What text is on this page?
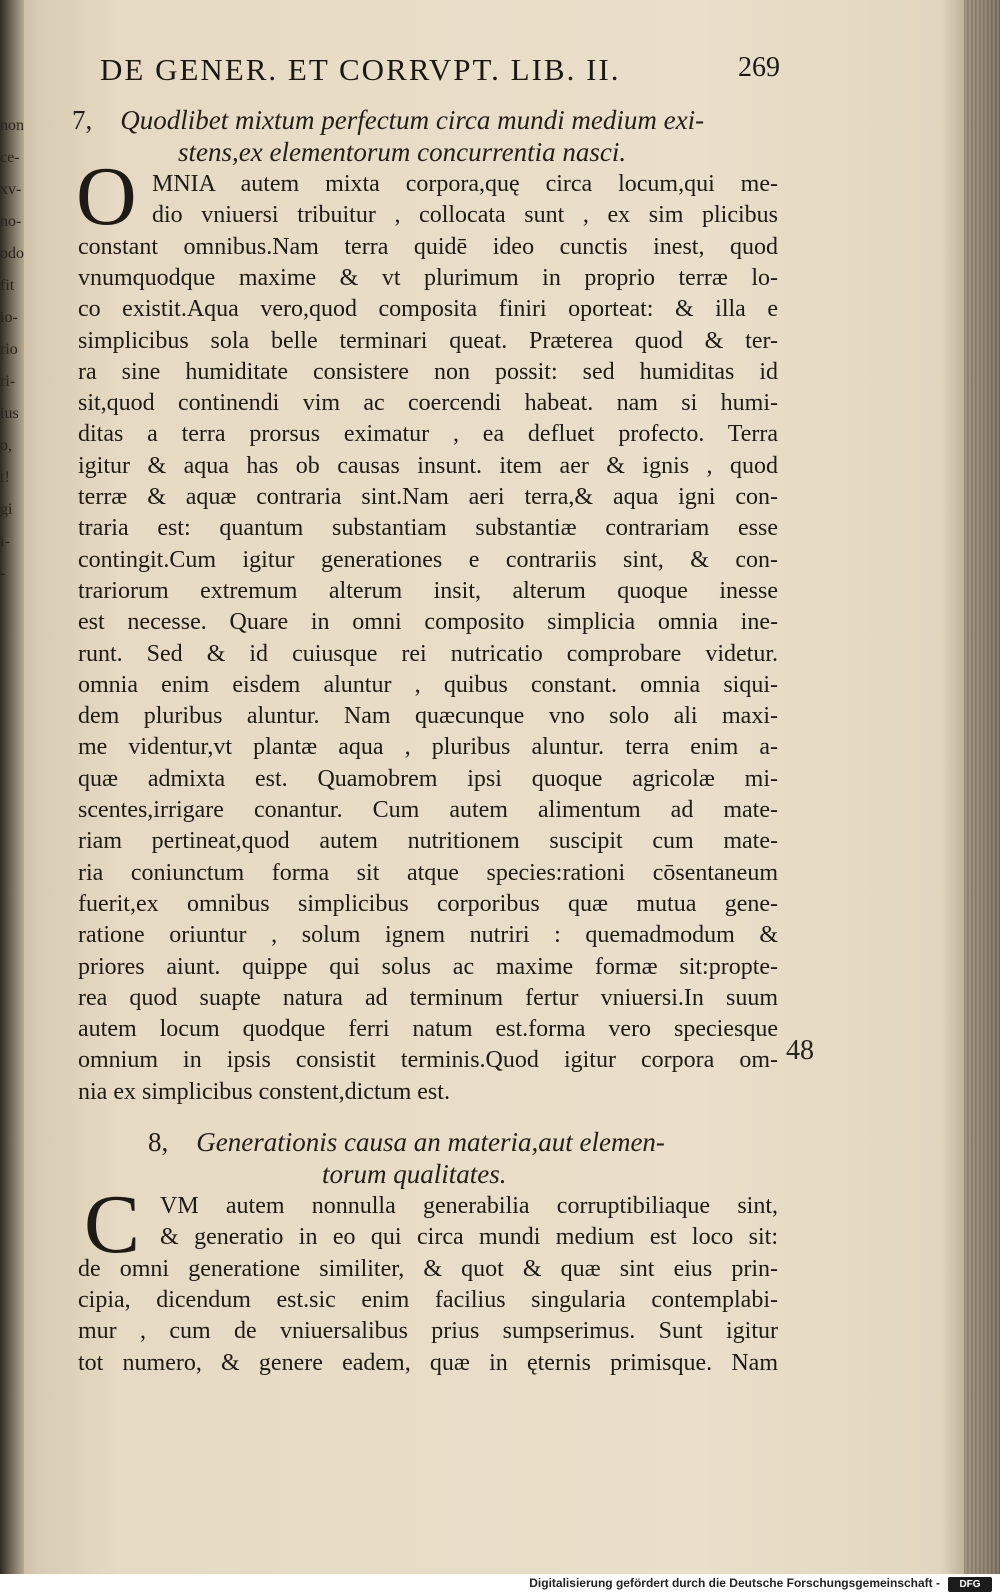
non
ce-
xv-
no-
odo
fit
io-
rio
ri-
ius
o,
t!
gi
i-
-
DE GENER. ET CORRVPT. LIB. II.	269
7, Quodlibet mixtum perfectum circa mundi medium exi-
stens,ex elementorum concurrentia nasci.
O MNIA autem mixta corpora,quę circa locum,qui me-
dio vniuersi tribuitur , collocata sunt , ex sim plicibus
constant omnibus.Nam terra quidē ideo cunctis inest, quod
vnumquodque maxime & vt plurimum in proprio terræ lo-
co existit.Aqua vero,quod composita finiri oporteat: & illa e
simplicibus sola belle terminari queat. Præterea quod & ter-
ra sine humiditate consistere non possit: sed humiditas id
sit,quod continendi vim ac coercendi habeat. nam si humi-
ditas a terra prorsus eximatur , ea defluet profecto. Terra
igitur & aqua has ob causas insunt. item aer & ignis , quod
terræ & aquæ contraria sint.Nam aeri terra,& aqua igni con-
traria est: quantum substantiam substantiæ contrariam esse
contingit.Cum igitur generationes e contrariis sint, & con-
trariorum extremum alterum insit, alterum quoque inesse
est necesse. Quare in omni composito simplicia omnia ine-
runt. Sed & id cuiusque rei nutricatio comprobare videtur.
omnia enim eisdem aluntur , quibus constant. omnia siqui-
dem pluribus aluntur. Nam quæcunque vno solo ali maxi-
me videntur,vt plantæ aqua , pluribus aluntur. terra enim a-
quæ admixta est. Quamobrem ipsi quoque agricolæ mi-
scentes,irrigare conantur. Cum autem alimentum ad mate-
riam pertineat,quod autem nutritionem suscipit cum mate-
ria coniunctum forma sit atque species:rationi cōsentaneum
fuerit,ex omnibus simplicibus corporibus quæ mutua gene-
ratione oriuntur , solum ignem nutriri : quemadmodum &
priores aiunt. quippe qui solus ac maxime formæ sit:propte-
rea quod suapte natura ad terminum fertur vniuersi.In suum
autem locum quodque ferri natum est.forma vero speciesque
omnium in ipsis consistit terminis.Quod igitur corpora om-
nia ex simplicibus constent,dictum est.
48
8, Generationis causa an materia,aut elemen-
torum qualitates.
C VM autem nonnulla generabilia corruptibiliaque sint,
& generatio in eo qui circa mundi medium est loco sit:
de omni generatione similiter, & quot & quæ sint eius prin-
cipia, dicendum est.sic enim facilius singularia contemplabi-
mur , cum de vniuersalibus prius sumpserimus. Sunt igitur
tot numero, & genere eadem, quæ in ęternis primisque. Nam
Digitalisierung gefördert durch die Deutsche Forschungsgemeinschaft -	DFG
